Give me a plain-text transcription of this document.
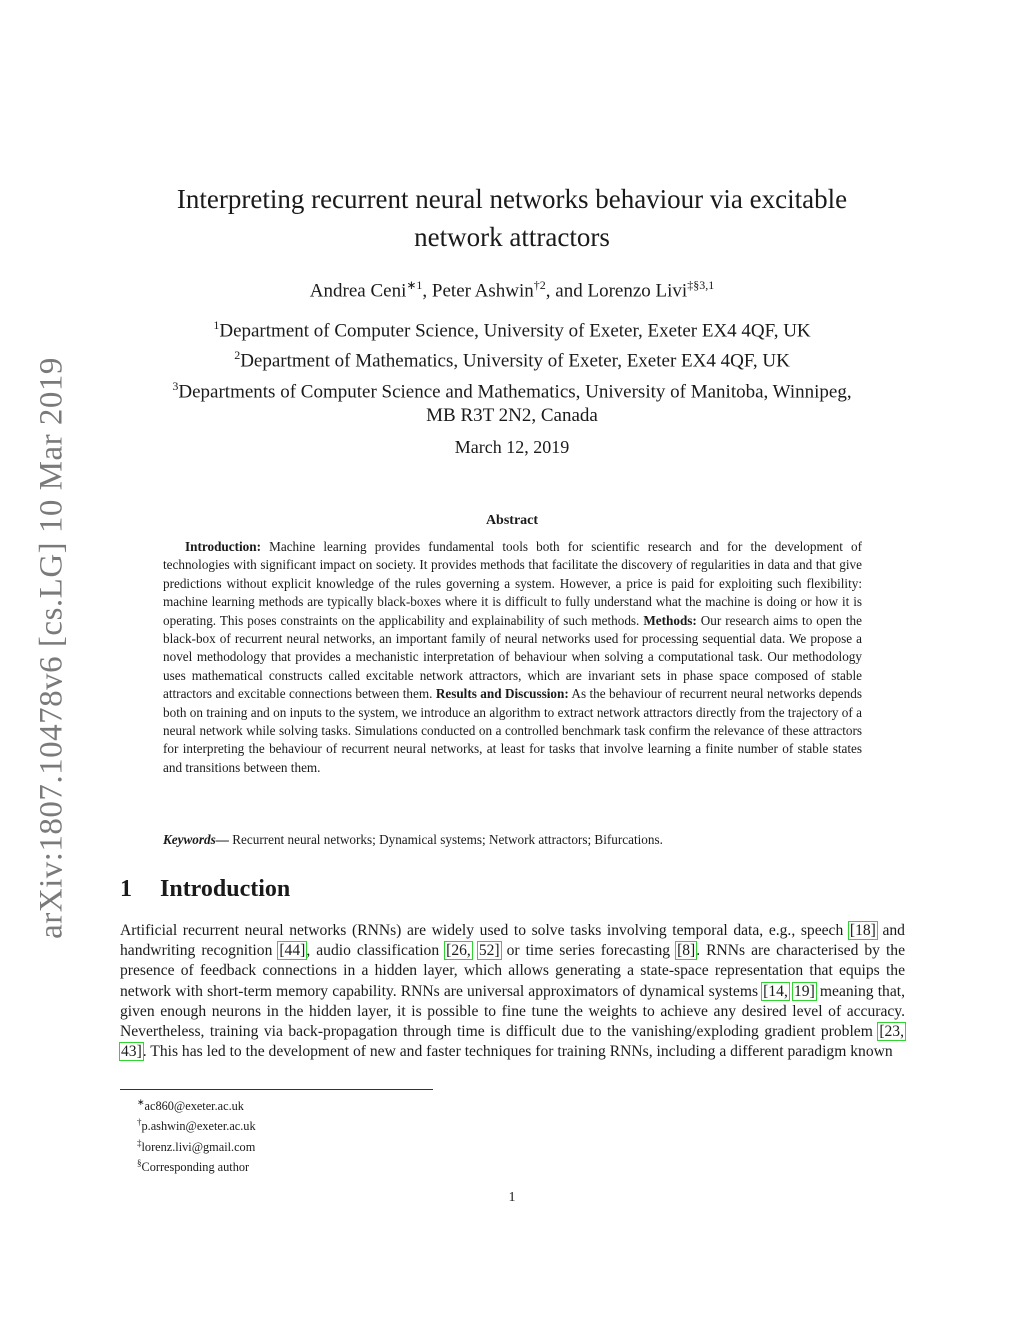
arXiv:1807.10478v6 [cs.LG] 10 Mar 2019
Interpreting recurrent neural networks behaviour via excitable
network attractors
Andrea Ceni$^{∗1}$, Peter Ashwin$^{\dagger 2}$, and Lorenzo Livi$^{\ddagger\S 3,1}$
$^1$Department of Computer Science, University of Exeter, Exeter EX4 4QF, UK
$^2$Department of Mathematics, University of Exeter, Exeter EX4 4QF, UK
$^3$Departments of Computer Science and Mathematics, University of Manitoba, Winnipeg,
MB R3T 2N2, Canada
March 12, 2019
Abstract
Introduction: Machine learning provides fundamental tools both for scientific research and for the development of technologies with significant impact on society. It provides methods that facilitate the discovery of regularities in data and that give predictions without explicit knowledge of the rules governing a system. However, a price is paid for exploiting such flexibility: machine learning methods are typically black-boxes where it is difficult to fully understand what the machine is doing or how it is operating. This poses constraints on the applicability and explainability of such methods. Methods: Our research aims to open the black-box of recurrent neural networks, an important family of neural networks used for processing sequential data. We propose a novel methodology that provides a mechanistic interpretation of behaviour when solving a computational task. Our methodology uses mathematical constructs called excitable network attractors, which are invariant sets in phase space composed of stable attractors and excitable connections between them. Results and Discussion: As the behaviour of recurrent neural networks depends both on training and on inputs to the system, we introduce an algorithm to extract network attractors directly from the trajectory of a neural network while solving tasks. Simulations conducted on a controlled benchmark task confirm the relevance of these attractors for interpreting the behaviour of recurrent neural networks, at least for tasks that involve learning a finite number of stable states and transitions between them.
Keywords— Recurrent neural networks; Dynamical systems; Network attractors; Bifurcations.
1 Introduction
Artificial recurrent neural networks (RNNs) are widely used to solve tasks involving temporal data, e.g., speech [18] and handwriting recognition [44], audio classification [26, 52] or time series forecasting [8]. RNNs are characterised by the presence of feedback connections in a hidden layer, which allows generating a state-space representation that equips the network with short-term memory capability. RNNs are universal approximators of dynamical systems [14, 19] meaning that, given enough neurons in the hidden layer, it is possible to fine tune the weights to achieve any desired level of accuracy. Nevertheless, training via back-propagation through time is difficult due to the vanishing/exploding gradient problem [23, 43]. This has led to the development of new and faster techniques for training RNNs, including a different paradigm known
∗ac860@exeter.ac.uk
†p.ashwin@exeter.ac.uk
‡lorenz.livi@gmail.com
§Corresponding author
1
